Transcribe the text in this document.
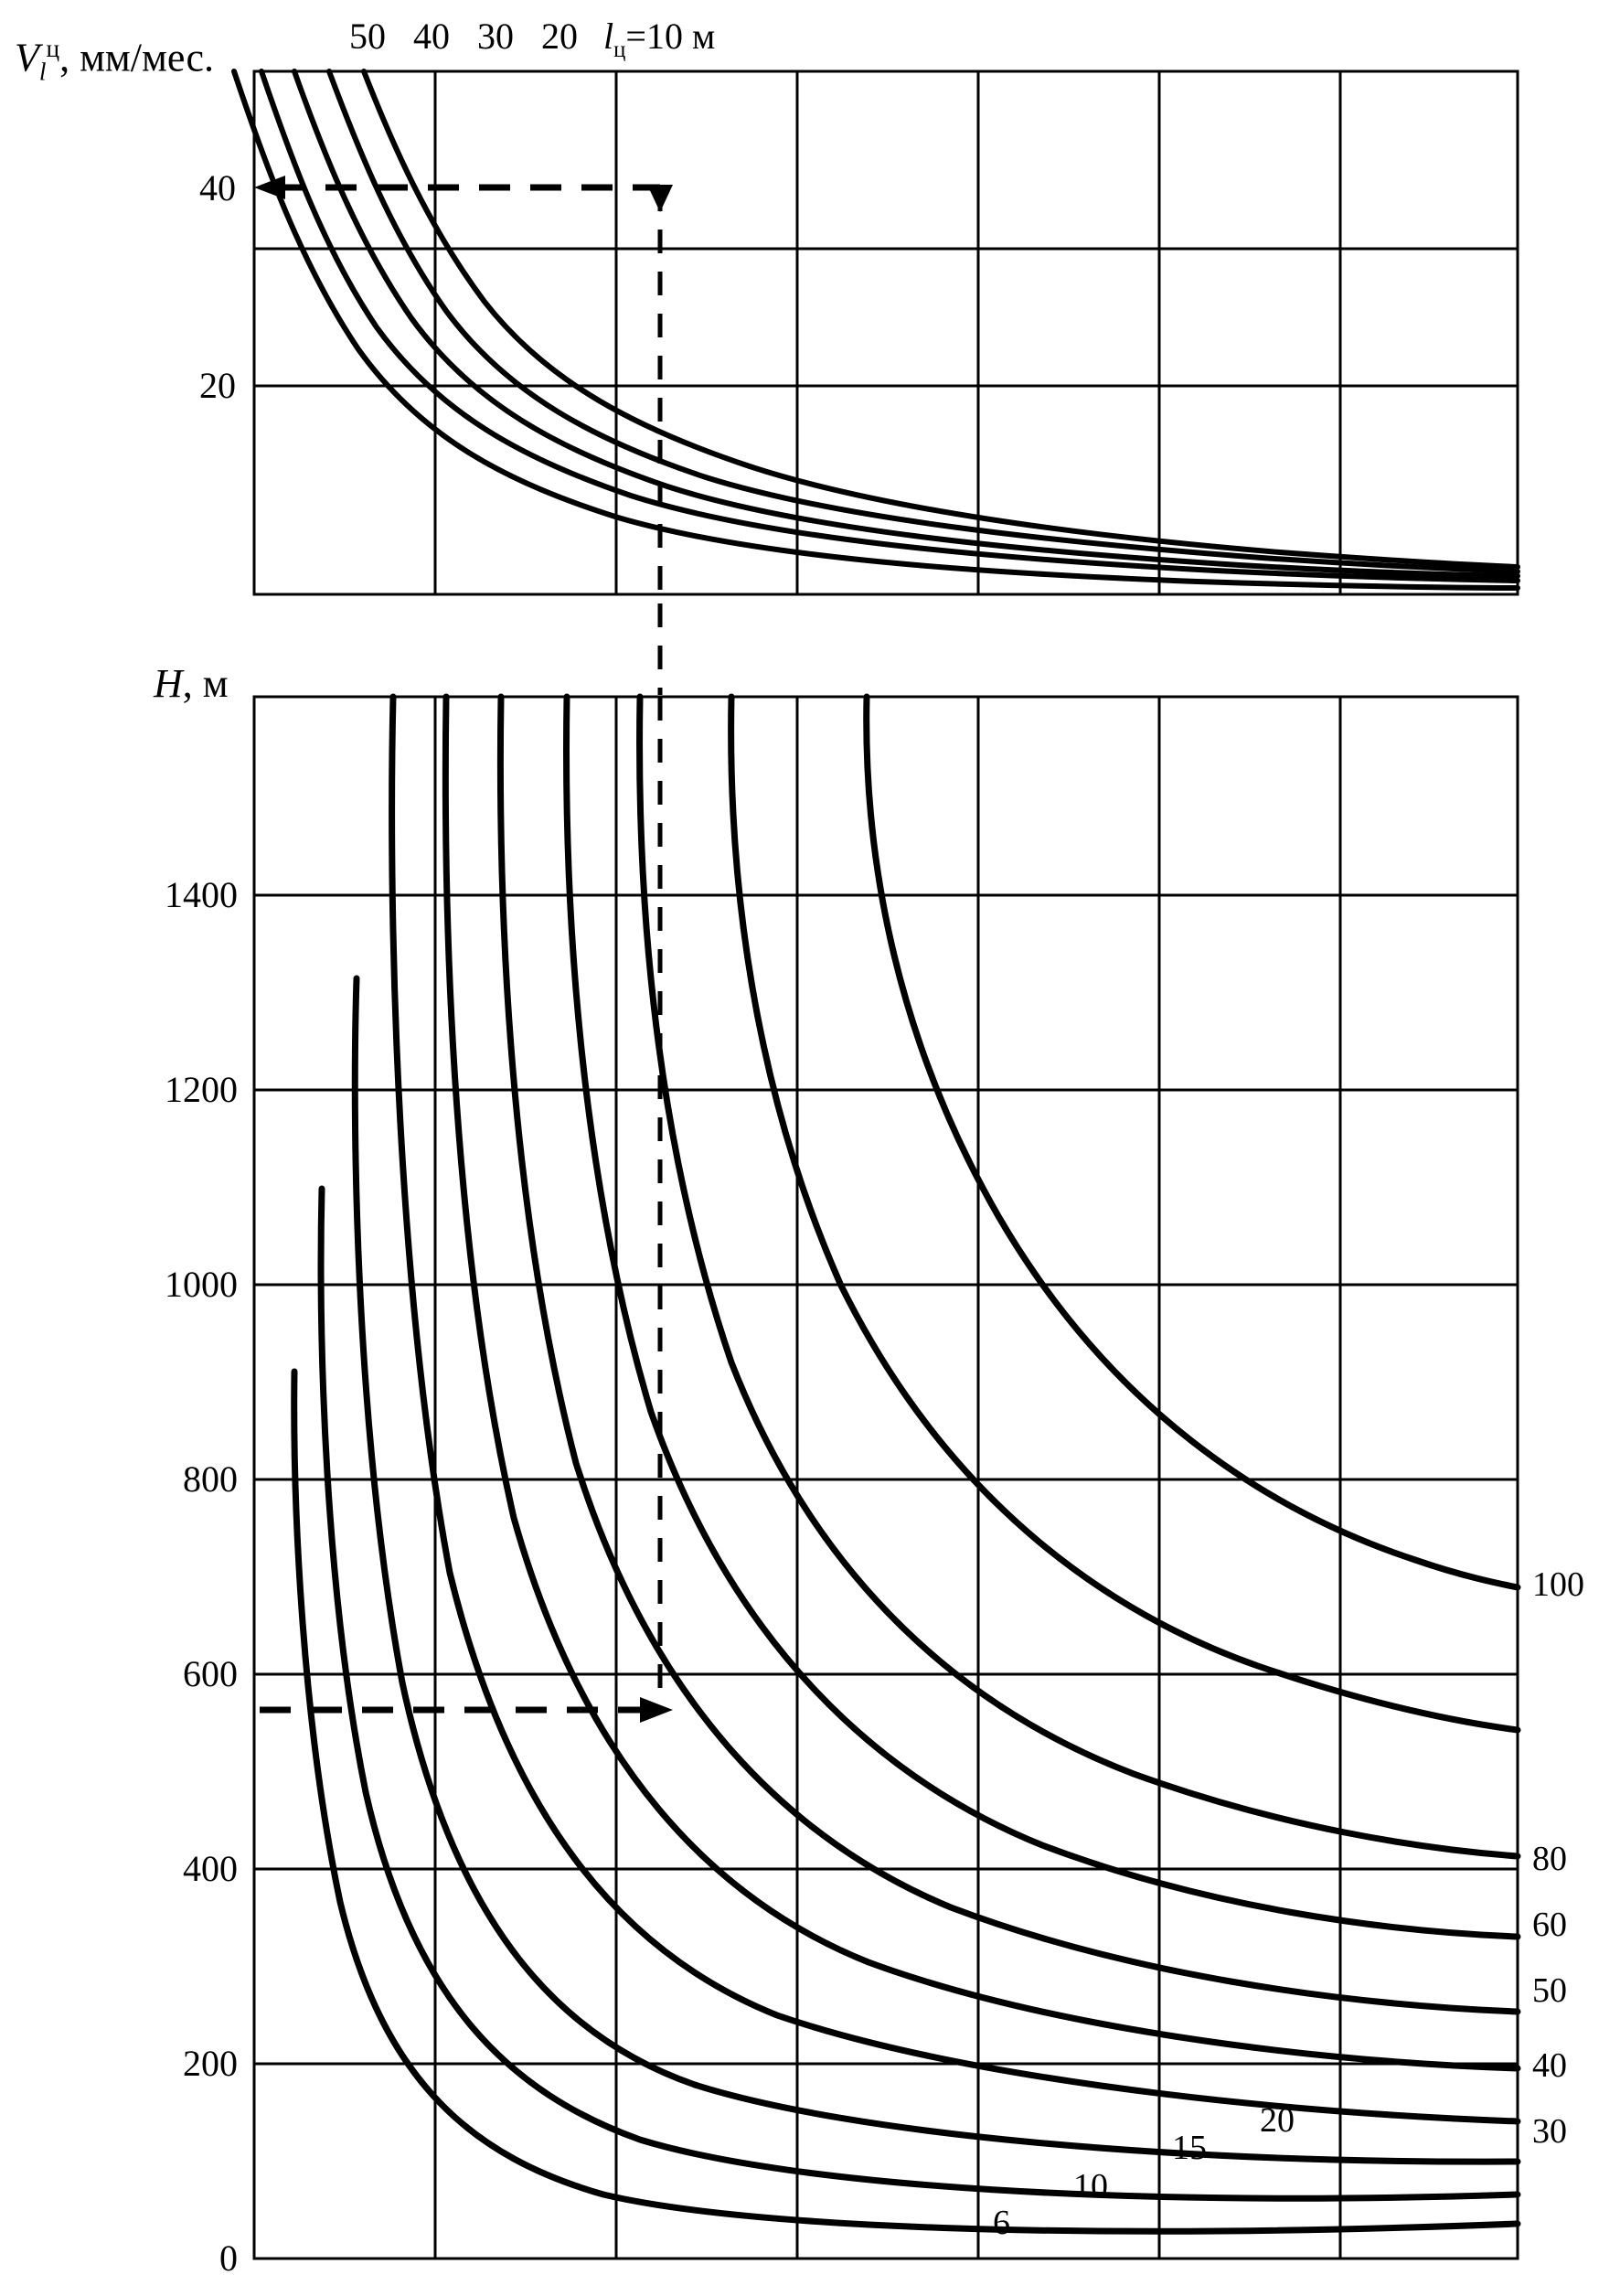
$V_l^ц$, мм/мес.
40
20
50 40 30 20 $l_ц=10$ м
H, м
1400
1200
1000
800
600
400
200
0
100
80
60
50
40
30
20
15
10
6
